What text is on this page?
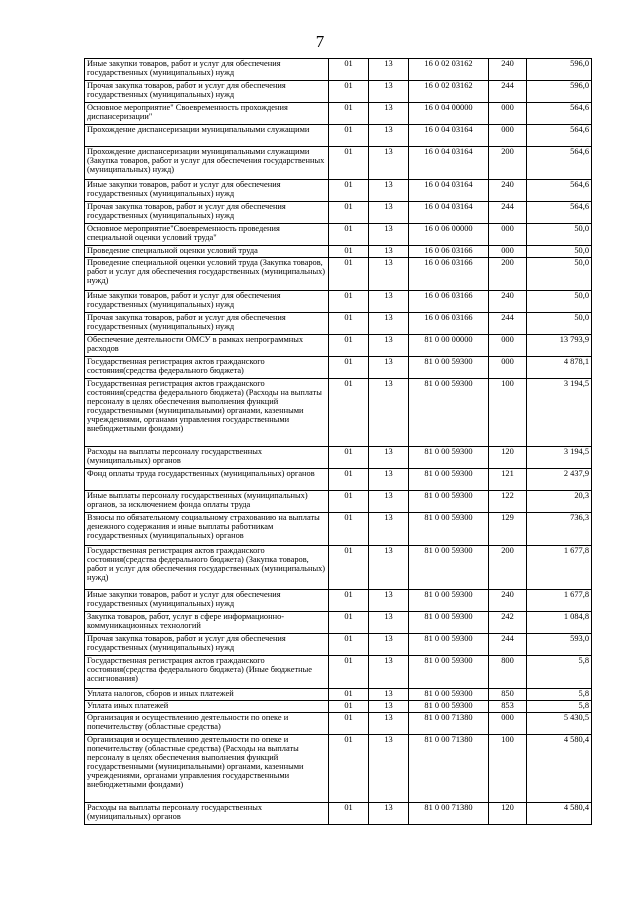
7
Иные закупки товаров, работ и услуг для обеспечения государственных (муниципальных) нужд	01	13	16 0 02 03162	240	596,0
Прочая закупка товаров, работ и услуг для обеспечения государственных (муниципальных) нужд	01	13	16 0 02 03162	244	596,0
Основное мероприятие" Своевременность прохождения диспансеризации"	01	13	16 0 04 00000	000	564,6
Прохождение диспансеризации муниципальными служащими	01	13	16 0 04 03164	000	564,6
Прохождение диспансеризации муниципальными служащими (Закупка товаров, работ и услуг для обеспечения государственных (муниципальных) нужд)	01	13	16 0 04 03164	200	564,6
Иные закупки товаров, работ и услуг для обеспечения государственных (муниципальных) нужд	01	13	16 0 04 03164	240	564,6
Прочая закупка товаров, работ и услуг для обеспечения государственных (муниципальных) нужд	01	13	16 0 04 03164	244	564,6
Основное мероприятие"Своевременность проведения специальной оценки условий труда"	01	13	16 0 06 00000	000	50,0
Проведение специальной оценки условий труда	01	13	16 0 06 03166	000	50,0
Проведение специальной оценки условий труда (Закупка товаров, работ и услуг для обеспечения государственных (муниципальных) нужд)	01	13	16 0 06 03166	200	50,0
Иные закупки товаров, работ и услуг для обеспечения государственных (муниципальных) нужд	01	13	16 0 06 03166	240	50,0
Прочая закупка товаров, работ и услуг для обеспечения государственных (муниципальных) нужд	01	13	16 0 06 03166	244	50,0
Обеспечение деятельности ОМСУ в рамках непрограммных расходов	01	13	81 0 00 00000	000	13 793,9
Государственная регистрация актов гражданского состояния(средства федерального бюджета)	01	13	81 0 00 59300	000	4 878,1
Государственная регистрация актов гражданского состояния(средства федерального бюджета) (Расходы на выплаты персоналу в целях обеспечения выполнения функций государственными (муниципальными) органами, казенными учреждениями, органами управления государственными внебюджетными фондами)	01	13	81 0 00 59300	100	3 194,5
Расходы на выплаты персоналу государственных (муниципальных) органов	01	13	81 0 00 59300	120	3 194,5
Фонд оплаты труда государственных (муниципальных) органов	01	13	81 0 00 59300	121	2 437,9
Иные выплаты персоналу государственных (муниципальных) органов, за исключением фонда оплаты труда	01	13	81 0 00 59300	122	20,3
Взносы по обязательному социальному страхованию на выплаты денежного содержания и иные выплаты работникам государственных (муниципальных) органов	01	13	81 0 00 59300	129	736,3
Государственная регистрация актов гражданского состояния(средства федерального бюджета) (Закупка товаров, работ и услуг для обеспечения государственных (муниципальных) нужд)	01	13	81 0 00 59300	200	1 677,8
Иные закупки товаров, работ и услуг для обеспечения государственных (муниципальных) нужд	01	13	81 0 00 59300	240	1 677,8
Закупка товаров, работ, услуг в сфере информационно-коммуникационных технологий	01	13	81 0 00 59300	242	1 084,8
Прочая закупка товаров, работ и услуг для обеспечения государственных (муниципальных) нужд	01	13	81 0 00 59300	244	593,0
Государственная регистрация актов гражданского состояния(средства федерального бюджета) (Иные бюджетные ассигнования)	01	13	81 0 00 59300	800	5,8
Уплата налогов, сборов и иных платежей	01	13	81 0 00 59300	850	5,8
Уплата иных платежей	01	13	81 0 00 59300	853	5,8
Организация и осуществлению деятельности по опеке и попечительству (областные средства)	01	13	81 0 00 71380	000	5 430,5
Организация и осуществлению деятельности по опеке и попечительству (областные средства) (Расходы на выплаты персоналу в целях обеспечения выполнения функций государственными (муниципальными) органами, казенными учреждениями, органами управления государственными внебюджетными фондами)	01	13	81 0 00 71380	100	4 580,4
Расходы на выплаты персоналу государственных (муниципальных) органов	01	13	81 0 00 71380	120	4 580,4
